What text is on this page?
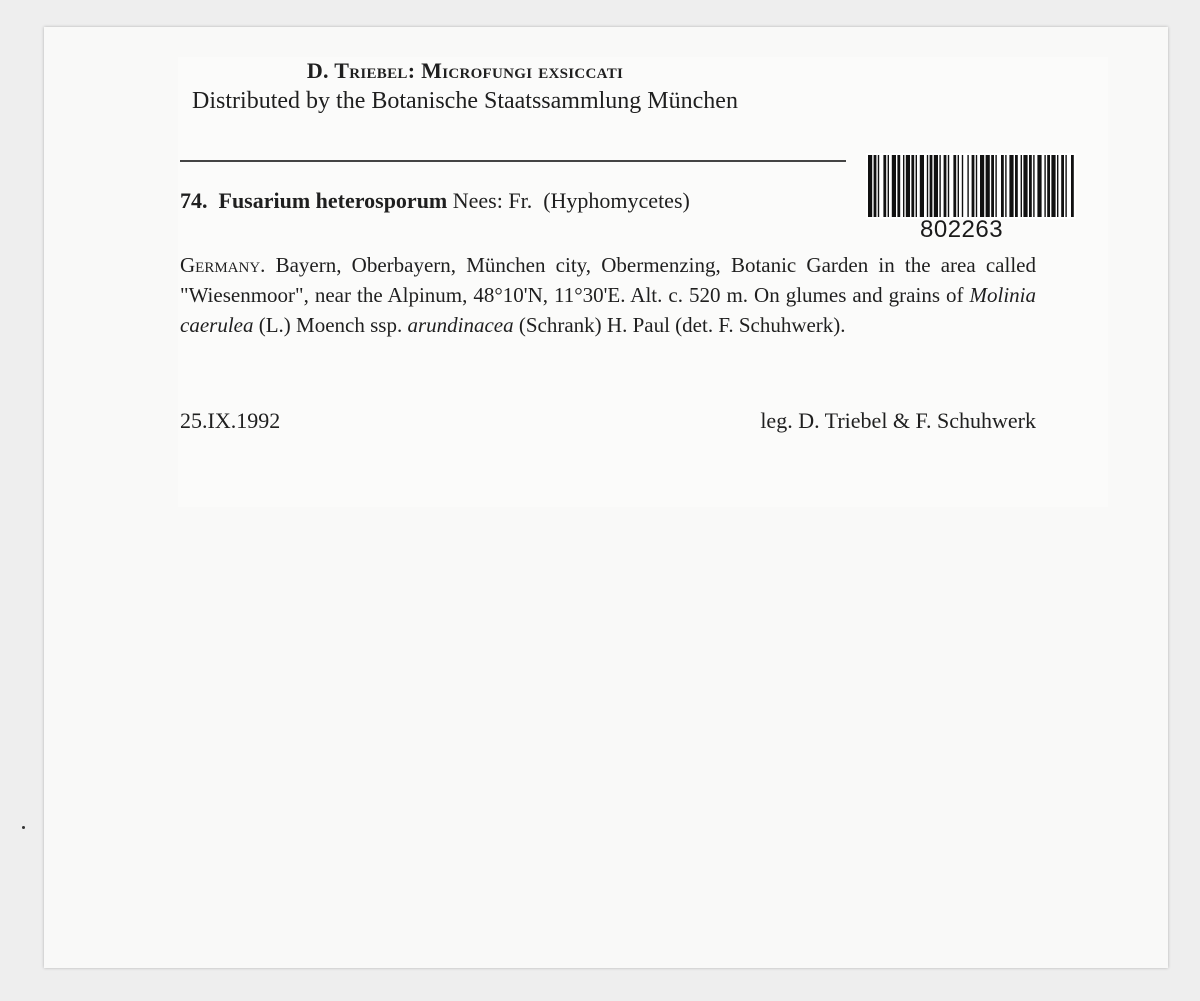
D. Triebel: Microfungi exsiccati
Distributed by the Botanische Staatssammlung München
74. Fusarium heterosporum Nees: Fr. (Hyphomycetes)
802263
Germany. Bayern, Oberbayern, München city, Obermenzing, Botanic Garden in the area called "Wiesenmoor", near the Alpinum, 48°10'N, 11°30'E. Alt. c. 520 m. On glumes and grains of Molinia caerulea (L.) Moench ssp. arundinacea (Schrank) H. Paul (det. F. Schuhwerk).
25.IX.1992	leg. D. Triebel & F. Schuhwerk
